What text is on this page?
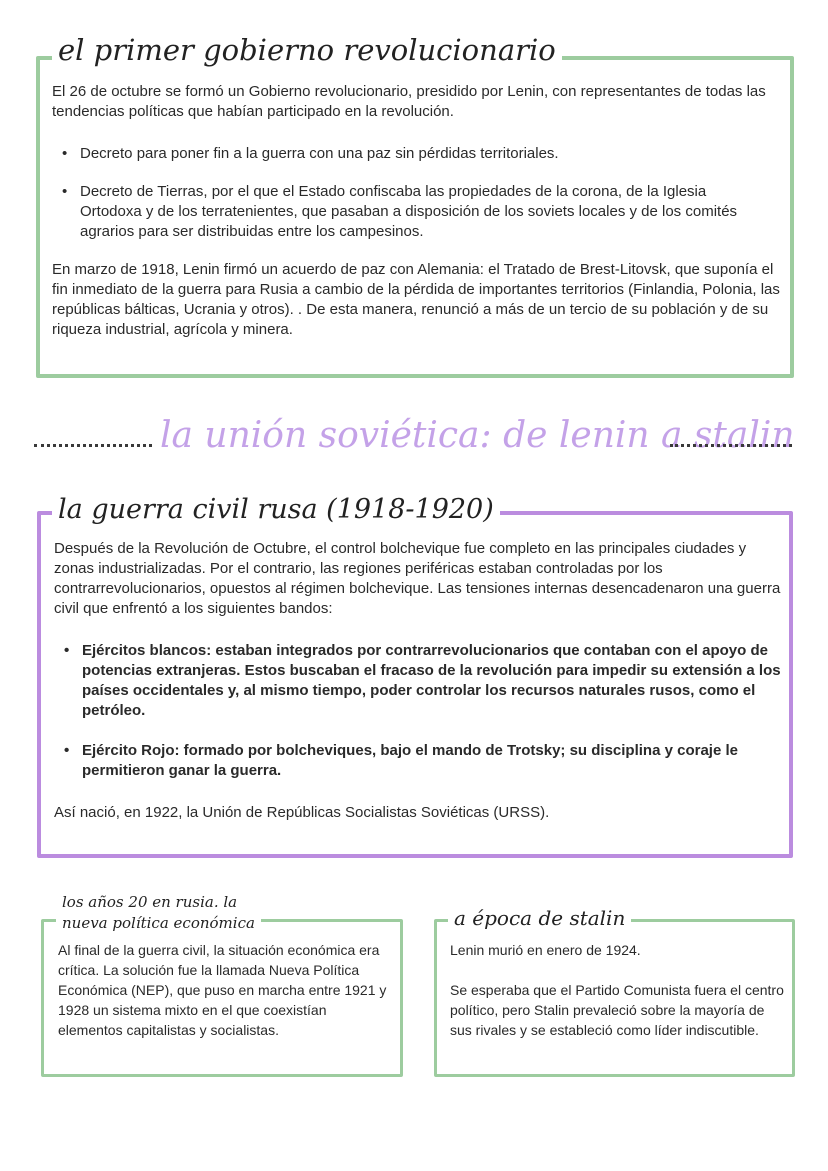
el primer gobierno revolucionario

El 26 de octubre se formó un Gobierno revolucionario, presidido por Lenin, con representantes de todas las tendencias políticas que habían participado en la revolución.

• Decreto para poner fin a la guerra con una paz sin pérdidas territoriales.
• Decreto de Tierras, por el que el Estado confiscaba las propiedades de la corona, de la Iglesia Ortodoxa y de los terratenientes, que pasaban a disposición de los soviets locales y de los comités agrarios para ser distribuidas entre los campesinos.

En marzo de 1918, Lenin firmó un acuerdo de paz con Alemania: el Tratado de Brest-Litovsk, que suponía el fin inmediato de la guerra para Rusia a cambio de la pérdida de importantes territorios (Finlandia, Polonia, las repúblicas bálticas, Ucrania y otros). . De esta manera, renunció a más de un tercio de su población y de su riqueza industrial, agrícola y minera.

la unión soviética: de lenin a stalin
la guerra civil rusa (1918-1920)

Después de la Revolución de Octubre, el control bolchevique fue completo en las principales ciudades y zonas industrializadas. Por el contrario, las regiones periféricas estaban controladas por los contrarrevolucionarios, opuestos al régimen bolchevique. Las tensiones internas desencadenaron una guerra civil que enfrentó a los siguientes bandos:

• Ejércitos blancos: estaban integrados por contrarrevolucionarios que contaban con el apoyo de potencias extranjeras. Estos buscaban el fracaso de la revolución para impedir su extensión a los países occidentales y, al mismo tiempo, poder controlar los recursos naturales rusos, como el petróleo.
• Ejército Rojo: formado por bolcheviques, bajo el mando de Trotsky; su disciplina y coraje le permitieron ganar la guerra.

Así nació, en 1922, la Unión de Repúblicas Socialistas Soviéticas (URSS).

los años 20 en rusia. la
nueva política económica

Al final de la guerra civil, la situación económica era crítica. La solución fue la llamada Nueva Política Económica (NEP), que puso en marcha entre 1921 y 1928 un sistema mixto en el que coexistían elementos capitalistas y socialistas.

a época de stalin

Lenin murió en enero de 1924.

Se esperaba que el Partido Comunista fuera el centro político, pero Stalin prevaleció sobre la mayoría de sus rivales y se estableció como líder indiscutible.
